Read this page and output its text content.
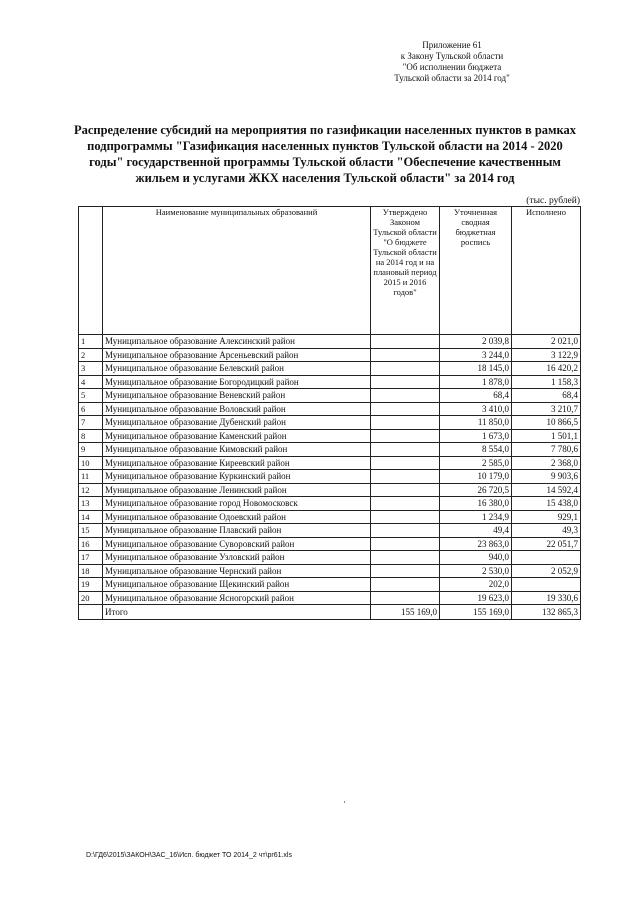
Приложение 61
к Закону Тульской области
"Об исполнении бюджета
Тульской области за 2014 год"
Распределение субсидий на мероприятия по газификации населенных пунктов в рамках подпрограммы "Газификация населенных пунктов Тульской области на 2014 - 2020 годы" государственной программы Тульской области "Обеспечение качественным жильем и услугами ЖКХ населения Тульской области" за 2014 год
(тыс. рублей)
	Наименование муниципальных образований	Утверждено Законом Тульской области "О бюджете Тульской области на 2014 год и на плановый период 2015 и 2016 годов"	Уточненная сводная бюджетная роспись	Исполнено
1	Муниципальное образование Алексинский район		2 039,8	2 021,0
2	Муниципальное образование Арсеньевский район		3 244,0	3 122,9
3	Муниципальное образование Белевский район		18 145,0	16 420,2
4	Муниципальное образование Богородицкий район		1 878,0	1 158,3
5	Муниципальное образование Веневский район		68,4	68,4
6	Муниципальное образование Воловский район		3 410,0	3 210,7
7	Муниципальное образование Дубенский район		11 850,0	10 866,5
8	Муниципальное образование Каменский район		1 673,0	1 501,1
9	Муниципальное образование Кимовский район		8 554,0	7 780,6
10	Муниципальное образование Киреевский район		2 585,0	2 368,0
11	Муниципальное образование Куркинский район		10 179,0	9 903,6
12	Муниципальное образование Ленинский район		26 720,5	14 592,4
13	Муниципальное образование город Новомосковск		16 380,0	15 438,0
14	Муниципальное образование Одоевский район		1 234,9	929,1
15	Муниципальное образование Плавский район		49,4	49,3
16	Муниципальное образование Суворовский район		23 863,0	22 051,7
17	Муниципальное образование Узловский район		940,0	
18	Муниципальное образование Чернский район		2 530,0	2 052,9
19	Муниципальное образование Щекинский район		202,0	
20	Муниципальное образование Ясногорский район		19 623,0	19 330,6
	Итого	155 169,0	155 169,0	132 865,3
D:\ГД6\2015\ЗАКОН\ЗАС_16\Исп. бюджет ТО 2014_2 чт\pr61.xls
